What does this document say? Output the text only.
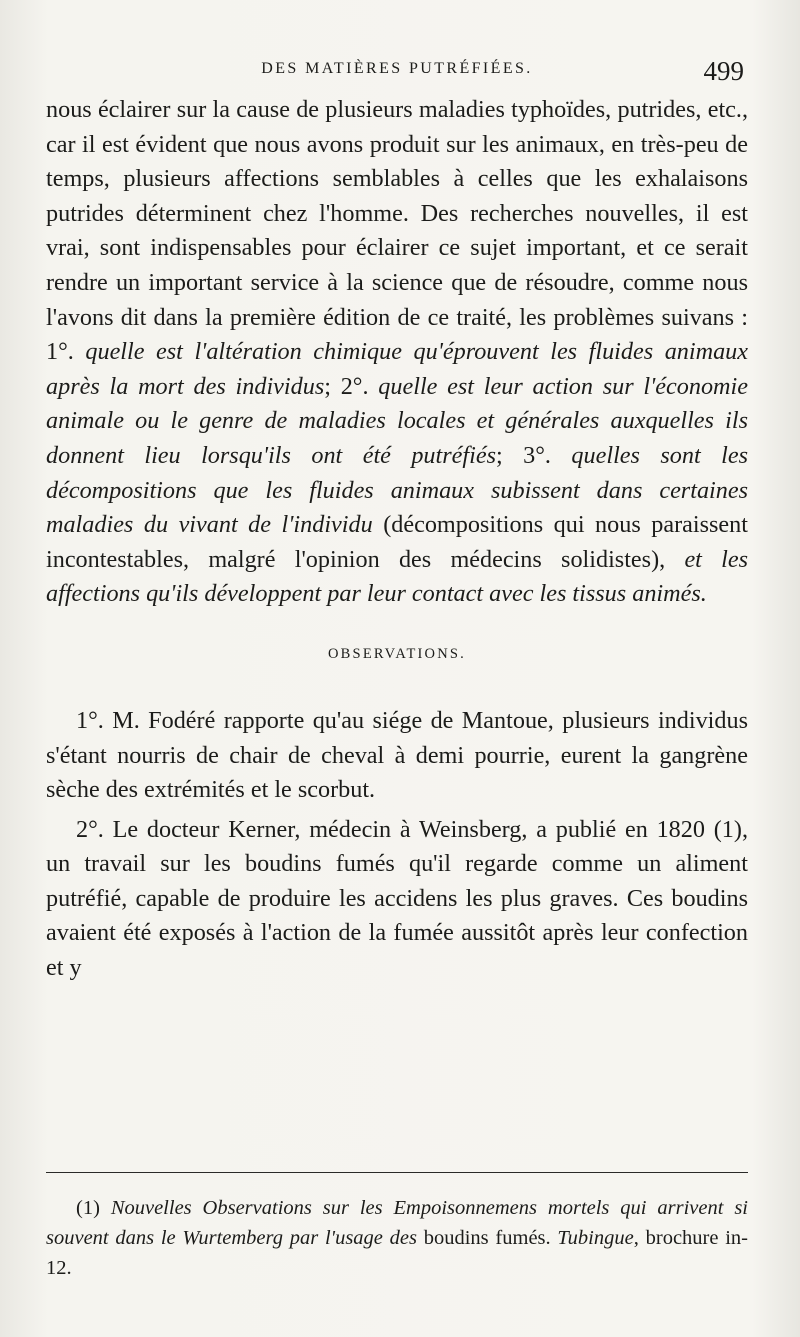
DES MATIÈRES PUTRÉFIÉES.	499

nous éclairer sur la cause de plusieurs maladies typhoïdes, putrides, etc., car il est évident que nous avons produit sur les animaux, en très-peu de temps, plusieurs affections semblables à celles que les exhalaisons putrides déterminent chez l'homme. Des recherches nouvelles, il est vrai, sont indispensables pour éclairer ce sujet important, et ce serait rendre un important service à la science que de résoudre, comme nous l'avons dit dans la première édition de ce traité, les problèmes suivans : 1°. quelle est l'altération chimique qu'éprouvent les fluides animaux après la mort des individus; 2°. quelle est leur action sur l'économie animale ou le genre de maladies locales et générales auxquelles ils donnent lieu lorsqu'ils ont été putréfiés; 3°. quelles sont les décompositions que les fluides animaux subissent dans certaines maladies du vivant de l'individu (décompositions qui nous paraissent incontestables, malgré l'opinion des médecins solidistes), et les affections qu'ils développent par leur contact avec les tissus animés.

OBSERVATIONS.

1°. M. Fodéré rapporte qu'au siége de Mantoue, plusieurs individus s'étant nourris de chair de cheval à demi pourrie, eurent la gangrène sèche des extrémités et le scorbut.

2°. Le docteur Kerner, médecin à Weinsberg, a publié en 1820 (1), un travail sur les boudins fumés qu'il regarde comme un aliment putréfié, capable de produire les accidens les plus graves. Ces boudins avaient été exposés à l'action de la fumée aussitôt après leur confection et y

(1) Nouvelles Observations sur les Empoisonnemens mortels qui arrivent si souvent dans le Wurtemberg par l'usage des boudins fumés. Tubingue, brochure in-12.
